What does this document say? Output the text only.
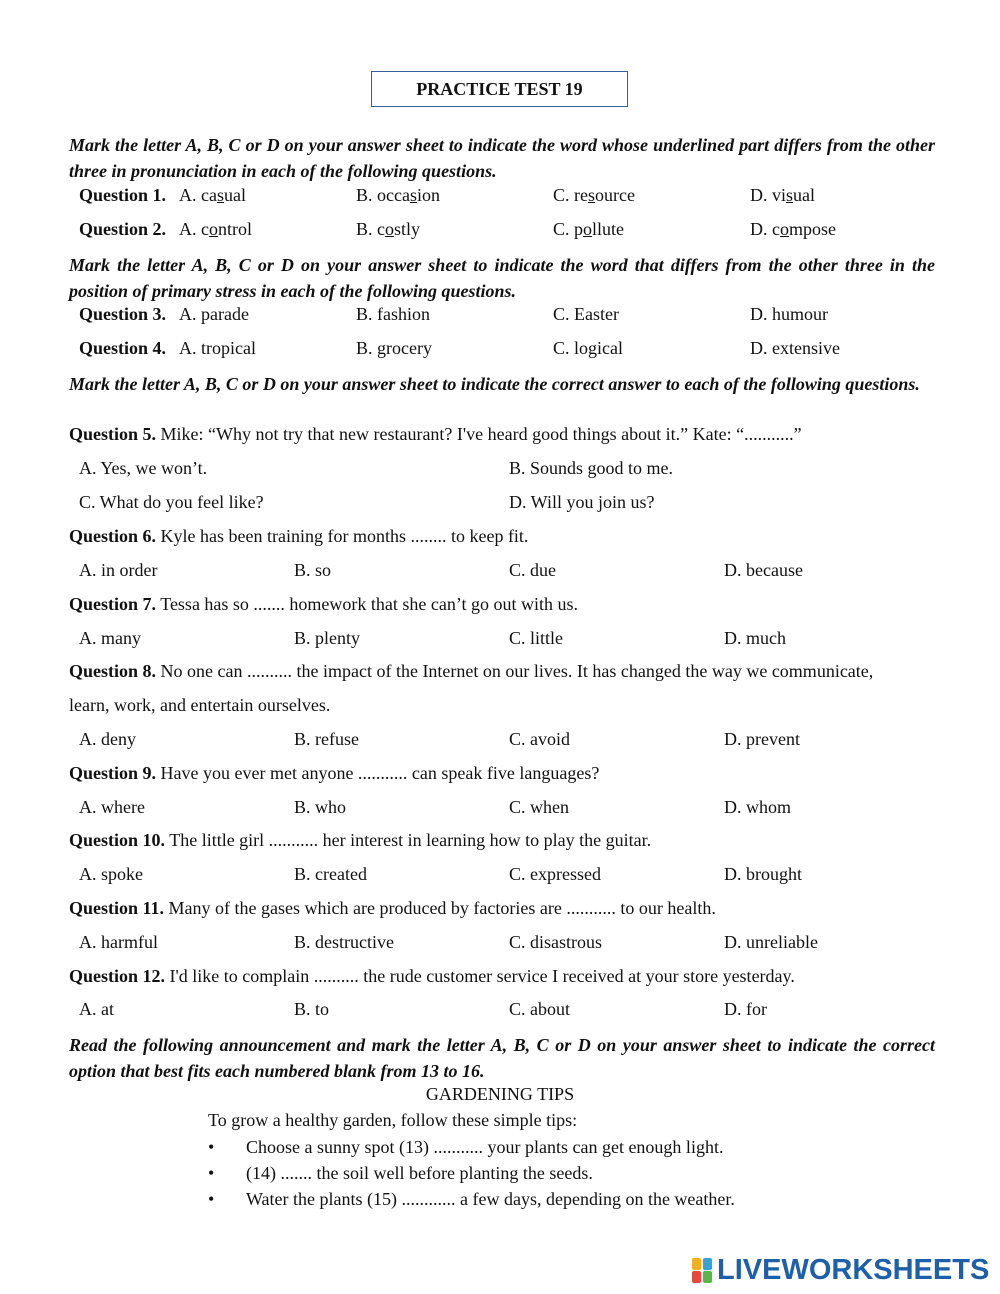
PRACTICE TEST 19
Mark the letter A, B, C or D on your answer sheet to indicate the word whose underlined part differs from the other three in pronunciation in each of the following questions.
Question 1. A. casual	B. occasion	C. resource	D. visual
Question 2. A. control	B. costly	C. pollute	D. compose
Mark the letter A, B, C or D on your answer sheet to indicate the word that differs from the other three in the position of primary stress in each of the following questions.
Question 3. A. parade	B. fashion	C. Easter	D. humour
Question 4. A. tropical	B. grocery	C. logical	D. extensive
Mark the letter A, B, C or D on your answer sheet to indicate the correct answer to each of the following questions.
Question 5. Mike: “Why not try that new restaurant? I've heard good things about it.” Kate: “...........”
A. Yes, we won’t.	B. Sounds good to me.
C. What do you feel like?	D. Will you join us?
Question 6. Kyle has been training for months ........ to keep fit.
A. in order	B. so	C. due	D. because
Question 7. Tessa has so ....... homework that she can’t go out with us.
A. many	B. plenty	C. little	D. much
Question 8. No one can .......... the impact of the Internet on our lives. It has changed the way we communicate,
learn, work, and entertain ourselves.
A. deny	B. refuse	C. avoid	D. prevent
Question 9. Have you ever met anyone ........... can speak five languages?
A. where	B. who	C. when	D. whom
Question 10. The little girl ........... her interest in learning how to play the guitar.
A. spoke	B. created	C. expressed	D. brought
Question 11. Many of the gases which are produced by factories are ........... to our health.
A. harmful	B. destructive	C. disastrous	D. unreliable
Question 12. I'd like to complain .......... the rude customer service I received at your store yesterday.
A. at	B. to	C. about	D. for
Read the following announcement and mark the letter A, B, C or D on your answer sheet to indicate the correct option that best fits each numbered blank from 13 to 16.
GARDENING TIPS
To grow a healthy garden, follow these simple tips:
• Choose a sunny spot (13) ........... your plants can get enough light.
• (14) ....... the soil well before planting the seeds.
• Water the plants (15) ............ a few days, depending on the weather.
LIVEWORKSHEETS
